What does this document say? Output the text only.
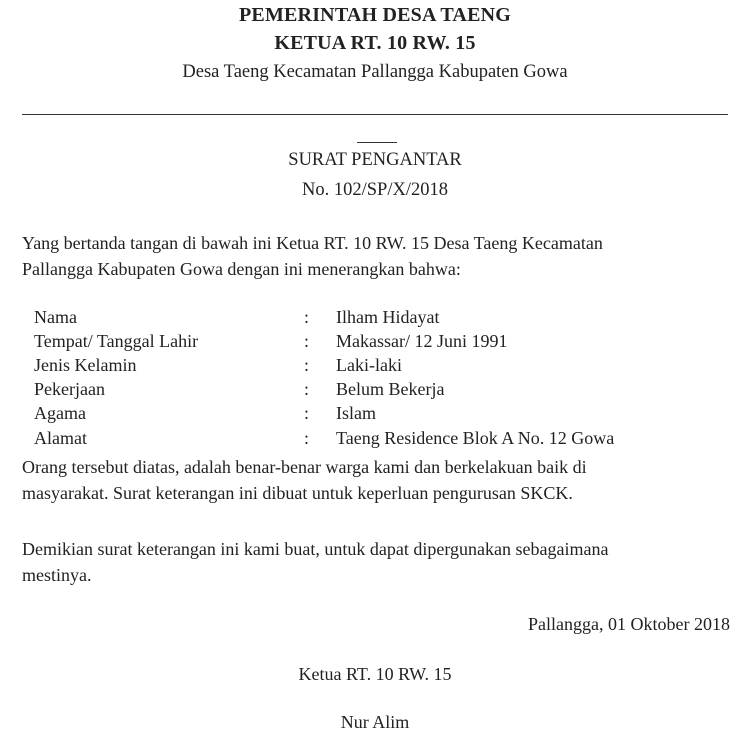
PEMERINTAH DESA TAENG
KETUA RT. 10 RW. 15
Desa Taeng Kecamatan Pallangga Kabupaten Gowa
SURAT PENGANTAR
No. 102/SP/X/2018
Yang bertanda tangan di bawah ini Ketua RT. 10 RW. 15 Desa Taeng Kecamatan
Pallangga Kabupaten Gowa dengan ini menerangkan bahwa:
Nama	: Ilham Hidayat
Tempat/ Tanggal Lahir	: Makassar/ 12 Juni 1991
Jenis Kelamin	: Laki-laki
Pekerjaan	: Belum Bekerja
Agama	: Islam
Alamat	: Taeng Residence Blok A No. 12 Gowa
Orang tersebut diatas, adalah benar-benar warga kami dan berkelakuan baik di
masyarakat. Surat keterangan ini dibuat untuk keperluan pengurusan SKCK.
Demikian surat keterangan ini kami buat, untuk dapat dipergunakan sebagaimana
mestinya.
Pallangga, 01 Oktober 2018
Ketua RT. 10 RW. 15
Nur Alim
